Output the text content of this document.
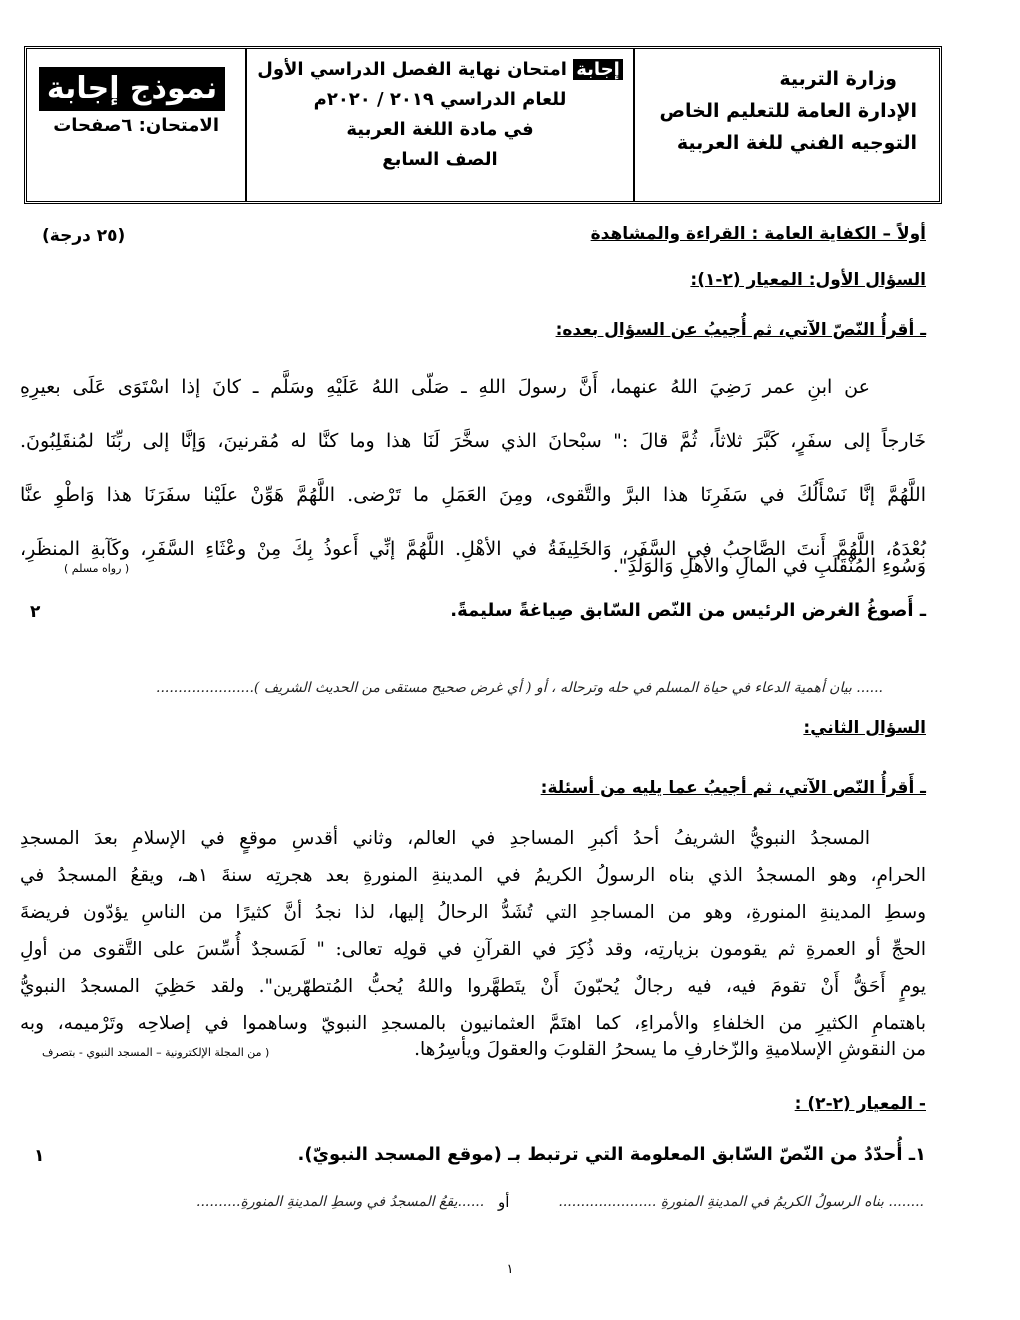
وزارة التربية
الإدارة العامة للتعليم الخاص
التوجيه الفني للغة العربية
إجابة امتحان نهاية الفصل الدراسي الأول
للعام الدراسي ٢٠١٩ / ٢٠٢٠م
في مادة اللغة العربية
الصف السابع
نموذج إجابة
الامتحان: ٦صفحات
أولاً – الكفاية العامة : القراءة والمشاهدة
(٢٥ درجة)
السؤال الأول: المعيار (٢-١):
ـ أقرأُ النّصّ الآتي، ثم أُجيبُ عن السؤال بعده:
عن ابنِ عمر رَضِيَ اللهُ عنهما، أَنَّ رسولَ اللهِ ـ صَلّى اللهُ عَلَيْهِ وسَلَّم ـ كانَ إذا اسْتَوَى عَلَى بعيرِهِ
خَارجاً إلى سفَرٍ، كَبَّرَ ثلاثاً، ثُمَّ قالَ :" سبْحانَ الذي سخَّرَ لَنَا هذا وما كنَّا له مُقرنينَ، وَإنَّا إلى ربِّنَا لمُنقَلِبُونَ.
اللَّهُمَّ إنَّا نَسْأَلُكَ في سَفَرِنَا هذا البرَّ والتَّقوى، ومِنَ العَمَلِ ما تَرْضى. اللَّهُمَّ هَوِّنْ علَيْنا سفَرَنَا هذا وَاطْوِ عنَّا
بُعْدَهُ، اللَّهُمَّ أَنتَ الصَّاحِبُ في السَّفَرِ، وَالخَلِيفَةُ في الأهْلِ. اللَّهُمَّ إنِّي أَعوذُ بِكَ مِنْ وعْثَاءِ السَّفَرِ، وكَآبةِ المنظَرِ،
وَسُوءِ المُنْقَلَبِ في المالِ والأهلِ وَالوَلَدِ".
( رواه مسلم )
ـ أَصوغُ الغرض الرئيس من النّص السّابق صِياغةً سليمةً.
٢
...... بيان أهمية الدعاء في حياة المسلم في حله وترحاله ، أو ( أي غرض صحيح مستقى من الحديث الشريف )......................
السؤال الثاني:
ـ أَقرأُ النّص الآتي، ثم أجيبُ عما يليه من أسئلة:
المسجدُ النبويُّ الشريفُ أحدُ أكبرِ المساجدِ في العالم، وثاني أقدسِ موقعٍ في الإسلامِ بعدَ المسجدِ
الحرامِ، وهو المسجدُ الذي بناه الرسولُ الكريمُ في المدينةِ المنورةِ بعد هجرتِه سنةَ ١هـ، ويقعُ المسجدُ في
وسطِ المدينةِ المنورةِ، وهو من المساجدِ التي تُشَدُّ الرحالُ إليها، لذا نجدُ أنَّ كثيرًا من الناسِ يؤدّون فريضةَ
الحجِّ أو العمرةِ ثم يقومون بزيارتِه، وقد ذُكِرَ في القرآنِ في قولِه تعالى: " لَمَسجدٌ أُسِّسَ على التَّقوى من أولِ
يومٍ أَحَقُّ أَنْ تقومَ فيه، فيه رجالٌ يُحبّونَ أَنْ يتَطهَّروا واللهُ يُحبُّ المُتطهّرين". ولقد حَظِيَ المسجدُ النبويُّ
باهتمامِ الكثيرِ من الخلفاءِ والأمراءِ، كما اهتَمَّ العثمانيون بالمسجدِ النبويّ وساهموا في إصلاحِه وتَرْميمه، وبه
من النقوشِ الإسلاميةِ والزّخارفِ ما يسحرُ القلوبَ والعقولَ ويأسِرُها.
( من المجلة الإلكترونية – المسجد النبوي - بتصرف
- المعيار (٢-٢) :
١ـ أُحدّدُ من النّصّ السّابق المعلومة التي ترتبط بـ (موقع المسجد النبويّ).
١
........ بناه الرسولُ الكريمُ في المدينةِ المنورةِ ......................
أو
......يقعُ المسجدُ في وسطِ المدينةِ المنورةِ..........
١
